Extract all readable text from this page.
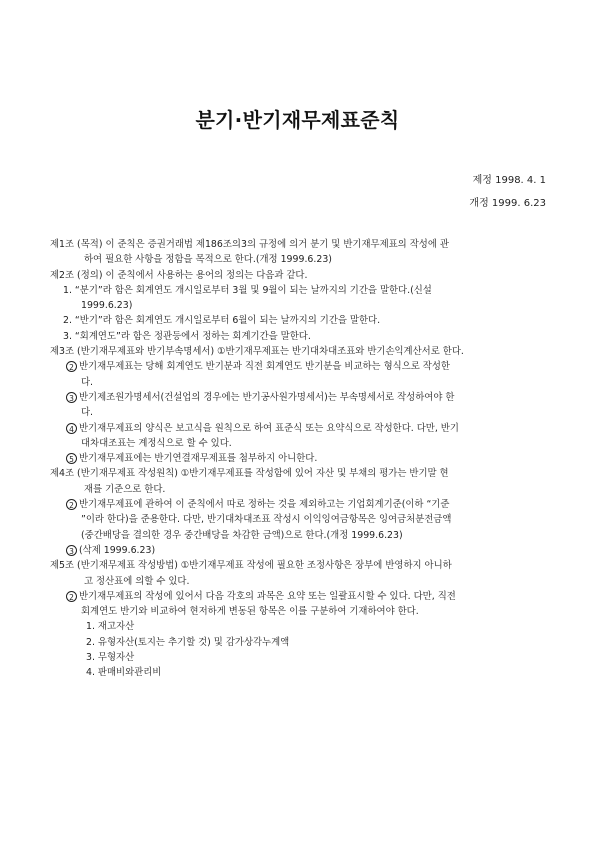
분기·반기재무제표준칙
제정 1998. 4. 1
개정 1999. 6.23
제1조 (목적) 이 준칙은 증권거래법 제186조의3의 규정에 의거 분기 및 반기재무제표의 작성에 관
하여 필요한 사항을 정함을 목적으로 한다.(개정 1999.6.23)
제2조 (정의) 이 준칙에서 사용하는 용어의 정의는 다음과 같다.
1. “분기”라 함은 회계연도 개시일로부터 3월 및 9월이 되는 날까지의 기간을 말한다.(신설
1999.6.23)
2. “반기”라 함은 회계연도 개시일로부터 6월이 되는 날까지의 기간을 말한다.
3. “회계연도”라 함은 정관등에서 정하는 회계기간을 말한다.
제3조 (반기재무제표와 반기부속명세서) ①반기재무제표는 반기대차대조표와 반기손익계산서로 한다.
2 반기재무제표는 당해 회계연도 반기분과 직전 회계연도 반기분을 비교하는 형식으로 작성한
다.
3 반기제조원가명세서(건설업의 경우에는 반기공사원가명세서)는 부속명세서로 작성하여야 한
다.
4 반기재무제표의 양식은 보고식을 원칙으로 하여 표준식 또는 요약식으로 작성한다. 다만, 반기
대차대조표는 계정식으로 할 수 있다.
5 반기재무제표에는 반기연결재무제표를 첨부하지 아니한다.
제4조 (반기재무제표 작성원칙) ①반기재무제표를 작성함에 있어 자산 및 부채의 평가는 반기말 현
재를 기준으로 한다.
2 반기재무제표에 관하여 이 준칙에서 따로 정하는 것을 제외하고는 기업회계기준(이하 “기준
”이라 한다)을 준용한다. 다만, 반기대차대조표 작성시 이익잉여금항목은 잉여금처분전금액
(중간배당을 결의한 경우 중간배당을 차감한 금액)으로 한다.(개정 1999.6.23)
3 (삭제 1999.6.23)
제5조 (반기재무제표 작성방법) ①반기재무제표 작성에 필요한 조정사항은 장부에 반영하지 아니하
고 정산표에 의할 수 있다.
2 반기재무제표의 작성에 있어서 다음 각호의 과목은 요약 또는 일괄표시할 수 있다. 다만, 직전
회계연도 반기와 비교하여 현저하게 변동된 항목은 이를 구분하여 기재하여야 한다.
1. 재고자산
2. 유형자산(토지는 추기할 것) 및 감가상각누계액
3. 무형자산
4. 판매비와관리비
